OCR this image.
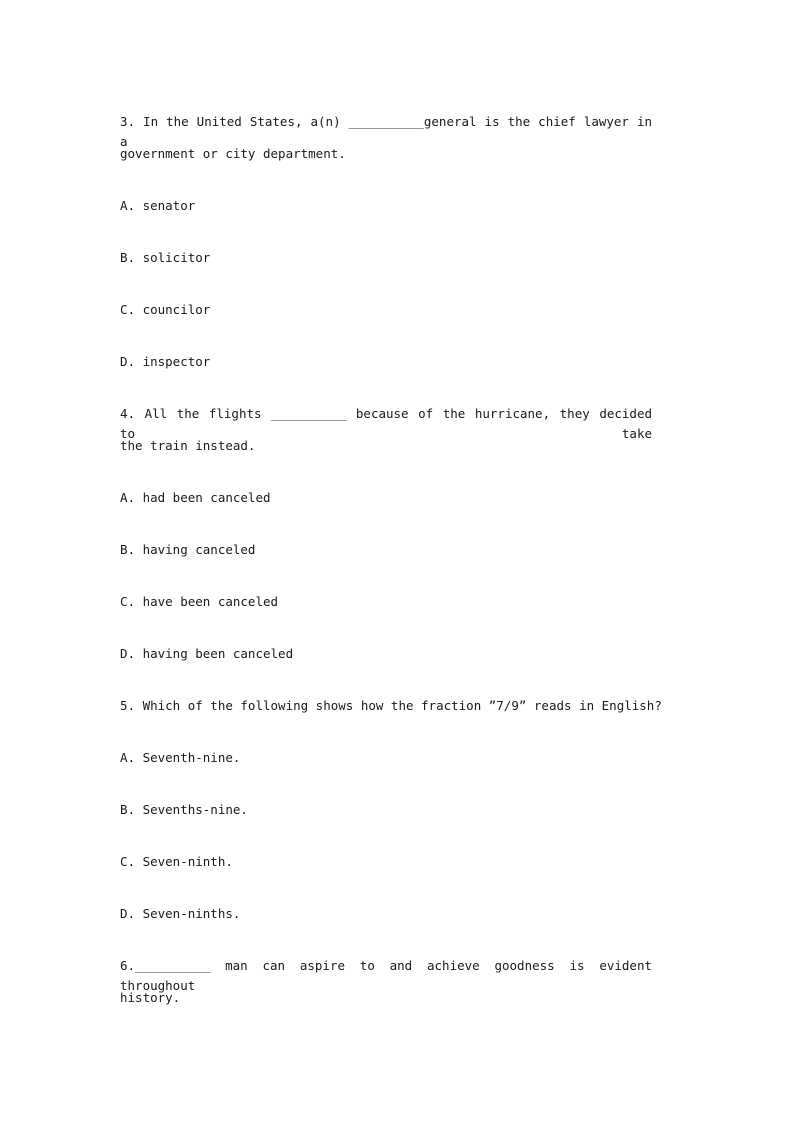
3. In the United States, a(n) __________general is the chief lawyer in a
government or city department.
A. senator
B. solicitor
C. councilor
D. inspector
4. All the flights __________ because of the hurricane, they decided to take
the train instead.
A. had been canceled
B. having canceled
C. have been canceled
D. having been canceled
5. Which of the following shows how the fraction ”7/9” reads in English?
A. Seventh-nine.
B. Sevenths-nine.
C. Seven-ninth.
D. Seven-ninths.
6.__________ man can aspire to and achieve goodness is evident throughout
history.
